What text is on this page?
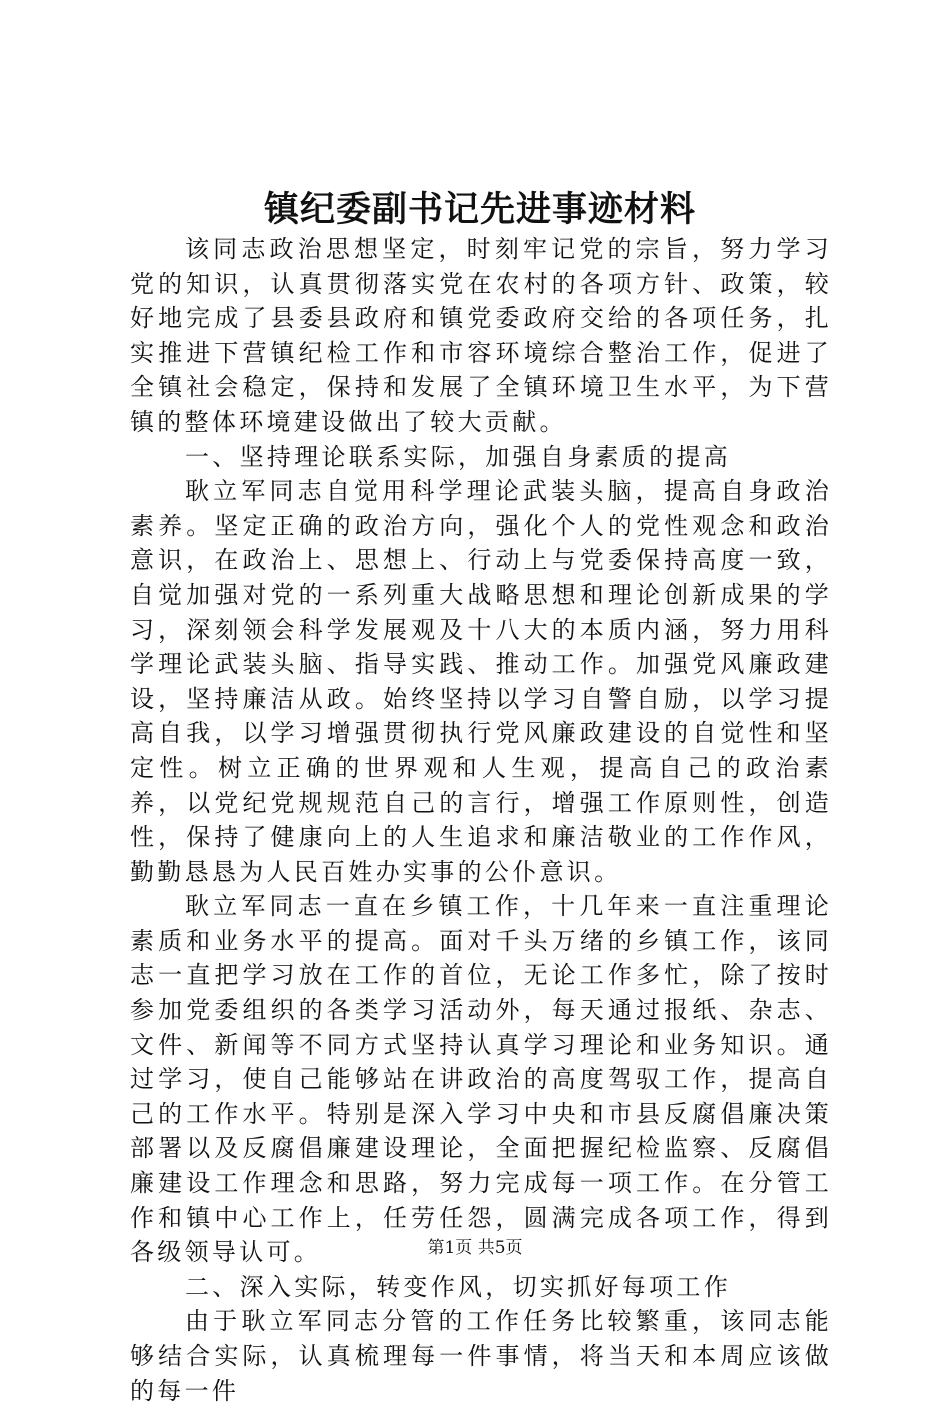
镇纪委副书记先进事迹材料

该同志政治思想坚定，时刻牢记党的宗旨，努力学习党的知识，认真贯彻落实党在农村的各项方针、政策，较好地完成了县委县政府和镇党委政府交给的各项任务，扎实推进下营镇纪检工作和市容环境综合整治工作，促进了全镇社会稳定，保持和发展了全镇环境卫生水平，为下营镇的整体环境建设做出了较大贡献。

一、坚持理论联系实际，加强自身素质的提高

耿立军同志自觉用科学理论武装头脑，提高自身政治素养。坚定正确的政治方向，强化个人的党性观念和政治意识，在政治上、思想上、行动上与党委保持高度一致，自觉加强对党的一系列重大战略思想和理论创新成果的学习，深刻领会科学发展观及十八大的本质内涵，努力用科学理论武装头脑、指导实践、推动工作。加强党风廉政建设，坚持廉洁从政。始终坚持以学习自警自励，以学习提高自我，以学习增强贯彻执行党风廉政建设的自觉性和坚定性。树立正确的世界观和人生观，提高自己的政治素养，以党纪党规规范自己的言行，增强工作原则性，创造性，保持了健康向上的人生追求和廉洁敬业的工作作风，勤勤恳恳为人民百姓办实事的公仆意识。

耿立军同志一直在乡镇工作，十几年来一直注重理论素质和业务水平的提高。面对千头万绪的乡镇工作，该同志一直把学习放在工作的首位，无论工作多忙，除了按时参加党委组织的各类学习活动外，每天通过报纸、杂志、文件、新闻等不同方式坚持认真学习理论和业务知识。通过学习，使自己能够站在讲政治的高度驾驭工作，提高自己的工作水平。特别是深入学习中央和市县反腐倡廉决策部署以及反腐倡廉建设理论，全面把握纪检监察、反腐倡廉建设工作理念和思路，努力完成每一项工作。在分管工作和镇中心工作上，任劳任怨，圆满完成各项工作，得到各级领导认可。

二、深入实际，转变作风，切实抓好每项工作

由于耿立军同志分管的工作任务比较繁重，该同志能够结合实际，认真梳理每一件事情，将当天和本周应该做的每一件

第1页 共5页
